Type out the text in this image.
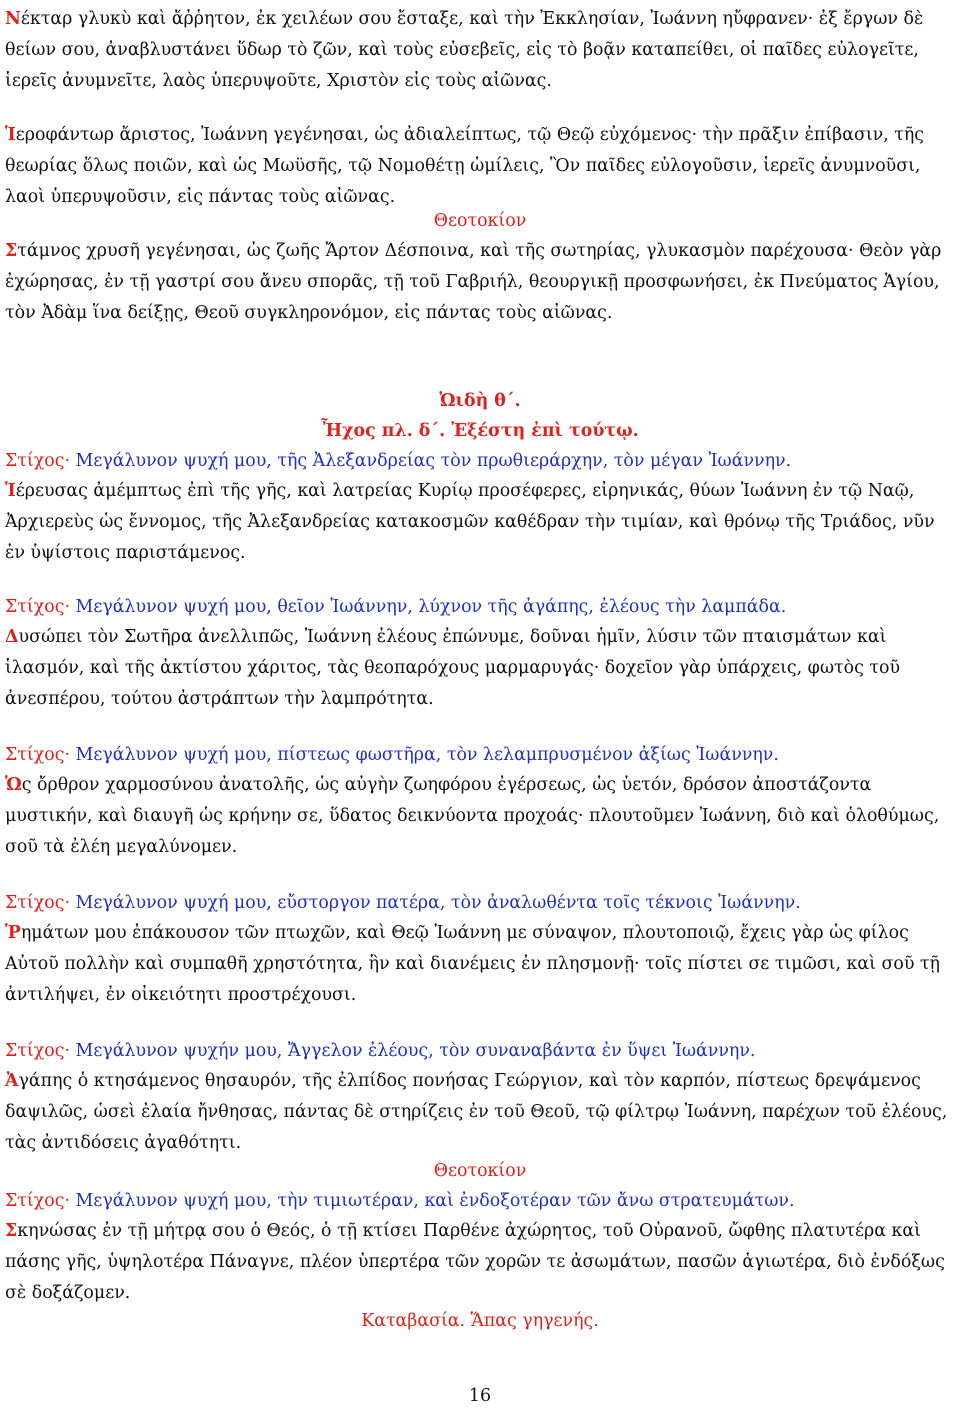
Νέκταρ γλυκὺ καὶ ἄῤῥητον, ἐκ χειλέων σου ἔσταξε, καὶ τὴν Ἐκκλησίαν, Ἰωάννη ηὔφρανεν· ἐξ ἔργων δὲ θείων σου, ἀναβλυστάνει ὕδωρ τὸ ζῶν, καὶ τοὺς εὐσεβεῖς, εἰς τὸ βοᾷν καταπείθει, οἱ παῖδες εὐλογεῖτε, ἱερεῖς ἀνυμνεῖτε, λαὸς ὑπερυψοῦτε, Χριστὸν εἰς τοὺς αἰῶνας.

Ἱεροφάντωρ ἄριστος, Ἰωάννη γεγένησαι, ὡς ἀδιαλείπτως, τῷ Θεῷ εὐχόμενος· τὴν πρᾶξιν ἐπίβασιν, τῆς θεωρίας ὅλως ποιῶν, καὶ ὡς Μωϋσῆς, τῷ Νομοθέτῃ ὡμίλεις, Ὃν παῖδες εὐλογοῦσιν, ἱερεῖς ἀνυμνοῦσι, λαοὶ ὑπερυψοῦσιν, εἰς πάντας τοὺς αἰῶνας.

Θεοτοκίον

Στάμνος χρυσῆ γεγένησαι, ὡς ζωῆς Ἄρτον Δέσποινα, καὶ τῆς σωτηρίας, γλυκασμὸν παρέχουσα· Θεὸν γὰρ ἐχώρησας, ἐν τῇ γαστρί σου ἄνευ σπορᾶς, τῇ τοῦ Γαβριήλ, θεουργικῇ προσφωνήσει, ἐκ Πνεύματος Ἁγίου, τὸν Ἀδὰμ ἵνα δείξῃς, Θεοῦ συγκληρονόμον, εἰς πάντας τοὺς αἰῶνας.

Ὠιδὴ θ΄.

Ἦχος πλ. δ΄. Ἐξέστη ἐπὶ τούτῳ.

Στίχος· Μεγάλυνον ψυχή μου, τῆς Ἀλεξανδρείας τὸν πρωθιεράρχην, τὸν μέγαν Ἰωάννην.

Ἱέρευσας ἀμέμπτως ἐπὶ τῆς γῆς, καὶ λατρείας Κυρίῳ προσέφερες, εἰρηνικάς, θύων Ἰωάννη ἐν τῷ Ναῷ, Ἀρχιερεὺς ὡς ἔννομος, τῆς Ἀλεξανδρείας κατακοσμῶν καθέδραν τὴν τιμίαν, καὶ θρόνῳ τῆς Τριάδος, νῦν ἐν ὑψίστοις παριστάμενος.

Στίχος· Μεγάλυνον ψυχή μου, θεῖον Ἰωάννην, λύχνον τῆς ἀγάπης, ἐλέους τὴν λαμπάδα.

Δυσώπει τὸν Σωτῆρα ἀνελλιπῶς, Ἰωάννη ἐλέους ἐπώνυμε, δοῦναι ἡμῖν, λύσιν τῶν πταισμάτων καὶ ἱλασμόν, καὶ τῆς ἀκτίστου χάριτος, τὰς θεοπαρόχους μαρμαρυγάς· δοχεῖον γὰρ ὑπάρχεις, φωτὸς τοῦ ἀνεσπέρου, τούτου ἀστράπτων τὴν λαμπρότητα.

Στίχος· Μεγάλυνον ψυχή μου, πίστεως φωστῆρα, τὸν λελαμπρυσμένον ἀξίως Ἰωάννην.

Ὡς ὄρθρον χαρμοσύνου ἀνατολῆς, ὡς αὐγὴν ζωηφόρου ἐγέρσεως, ὡς ὑετόν, δρόσον ἀποστάζοντα μυστικήν, καὶ διαυγῆ ὡς κρήνην σε, ὕδατος δεικνύοντα προχοάς· πλουτοῦμεν Ἰωάννη, διὸ καὶ ὁλοθύμως, σοῦ τὰ ἐλέη μεγαλύνομεν.

Στίχος· Μεγάλυνον ψυχή μου, εὔστοργον πατέρα, τὸν ἀναλωθέντα τοῖς τέκνοις Ἰωάννην.

Ῥημάτων μου ἐπάκουσον τῶν πτωχῶν, καὶ Θεῷ Ἰωάννη με σύναψον, πλουτοποιῷ, ἔχεις γὰρ ὡς φίλος Αὐτοῦ πολλὴν καὶ συμπαθῆ χρηστότητα, ἣν καὶ διανέμεις ἐν πλησμονῇ· τοῖς πίστει σε τιμῶσι, καὶ σοῦ τῇ ἀντιλήψει, ἐν οἰκειότητι προστρέχουσι.

Στίχος· Μεγάλυνον ψυχήν μου, Ἄγγελον ἐλέους, τὸν συναναβάντα ἐν ὕψει Ἰωάννην.

Ἀγάπης ὁ κτησάμενος θησαυρόν, τῆς ἐλπίδος πονήσας Γεώργιον, καὶ τὸν καρπόν, πίστεως δρεψάμενος δαψιλῶς, ὡσεὶ ἐλαία ἤνθησας, πάντας δὲ στηρίζεις ἐν τοῦ Θεοῦ, τῷ φίλτρῳ Ἰωάννη, παρέχων τοῦ ἐλέους, τὰς ἀντιδόσεις ἀγαθότητι.

Θεοτοκίον

Στίχος· Μεγάλυνον ψυχή μου, τὴν τιμιωτέραν, καὶ ἐνδοξοτέραν τῶν ἄνω στρατευμάτων.

Σκηνώσας ἐν τῇ μήτρᾳ σου ὁ Θεός, ὁ τῇ κτίσει Παρθένε ἀχώρητος, τοῦ Οὐρανοῦ, ὤφθης πλατυτέρα καὶ πάσης γῆς, ὑψηλοτέρα Πάναγνε, πλέον ὑπερτέρα τῶν χορῶν τε ἀσωμάτων, πασῶν ἁγιωτέρα, διὸ ἐνδόξως σὲ δοξάζομεν.

Καταβασία. Ἅπας γηγενής.

16
